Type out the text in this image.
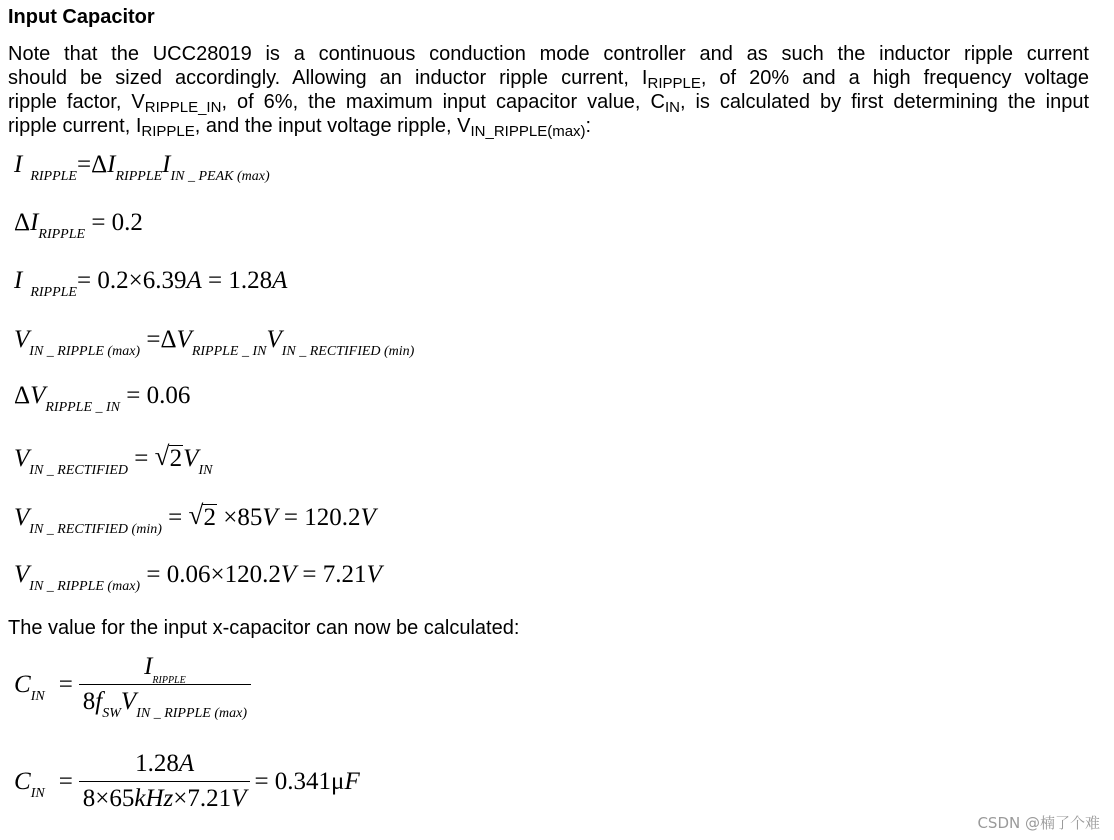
Input Capacitor
Note that the UCC28019 is a continuous conduction mode controller and as such the inductor ripple current
should be sized accordingly. Allowing an inductor ripple current, $I_{RIPPLE}$, of 20% and a high frequency voltage
ripple factor, $V_{RIPPLE\_IN}$, of 6%, the maximum input capacitor value, $C_{IN}$, is calculated by first determining the input
ripple current, $I_{RIPPLE}$, and the input voltage ripple, $V_{IN\_RIPPLE(max)}$:
I $_{RIPPLE}=\Delta I_{RIPPLE}I_{IN \_ PEAK (max)}$
$\Delta I_{RIPPLE} = 0.2$
I $_{RIPPLE}$= 0.2×6.39A = 1.28A
$V_{IN \_ RIPPLE (max)} =\Delta V_{RIPPLE \_ IN}V_{IN \_ RECTIFIED (min)}$
$\Delta V_{RIPPLE \_ IN} = 0.06$
$V_{IN \_ RECTIFIED}$ = √ $2V_{IN}$
$V_{IN \_ RECTIFIED (min)}$ = √ 2 ×85V = 120.2V
$V_{IN \_ RIPPLE (max)} = 0.06\times 120.2V = 7.21V$
The value for the input x-capacitor can now be calculated:
$C_{IN} = \frac{I_{RIPPLE}}{8f_{SW}V_{IN \_ RIPPLE (max)}}$
$C_{IN} = \frac{1.28A}{\text{8×65kHz×7.21V}} = 0.341\mu F$
CSDN @楠了个难
